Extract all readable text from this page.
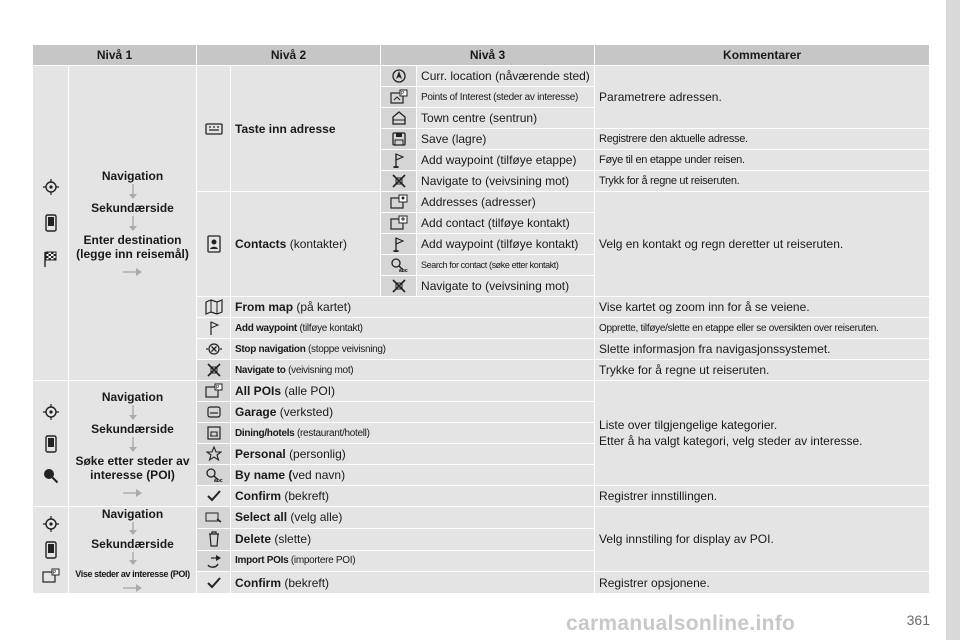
Nivå 1		Nivå 2		Nivå 3		Kommentarer

Navigation
Sekundærside
Enter destination (legge inn reisemål)		Taste inn adresse		Curr. location (nåværende sted)	Parametrere adressen.

P	Points of Interest (steder av interesse)	

	Town centre (sentrun)	

	Save (lagre)	Registrere den aktuelle adresse.

	Add waypoint (tilføye etappe)	Føye til en etappe under reisen.

	Navigate to (veivsining mot)	Trykk for å regne ut reiseruten.

	Contacts (kontakter)		Addresses (adresser)	Velg en kontakt og regn deretter ut reiseruten.

	Add contact (tilføye kontakt)	

	Add waypoint (tilføye kontakt)	

abc	Search for contact (søke etter kontakt)	

	Navigate to (veivsining mot)	

	From map (på kartet)			Vise kartet og zoom inn for å se veiene.

	Add waypoint (tilføye kontakt)			Opprette, tilføye/slette en etappe eller se oversikten over reiseruten.

	Stop navigation (stoppe veivisning)			Slette informasjon fra navigasjonssystemet.

	Navigate to (veivisning mot)			Trykke for å regne ut reiseruten.

Navigation
Sekundærside
Søke etter steder av interesse (POI)	P	All POIs (alle POI)			Liste over tilgjengelige kategorier.
Etter å ha valgt kategori, velg steder av interesse.

	Garage (verksted)			

	Dining/hotels (restaurant/hotell)			

	Personal (personlig)			

abc	By name (ved navn)			

	Confirm (bekreft)			Registrer innstillingen.

P	Navigation
Sekundærside
Vise steder av interesse (POI)		Select all (velg alle)			Velg innstiling for display av POI.

	Delete (slette)			

	Import POIs (importere POI)			

	Confirm (bekreft)			Registrer opsjonene.
carmanualsonline.info	361
